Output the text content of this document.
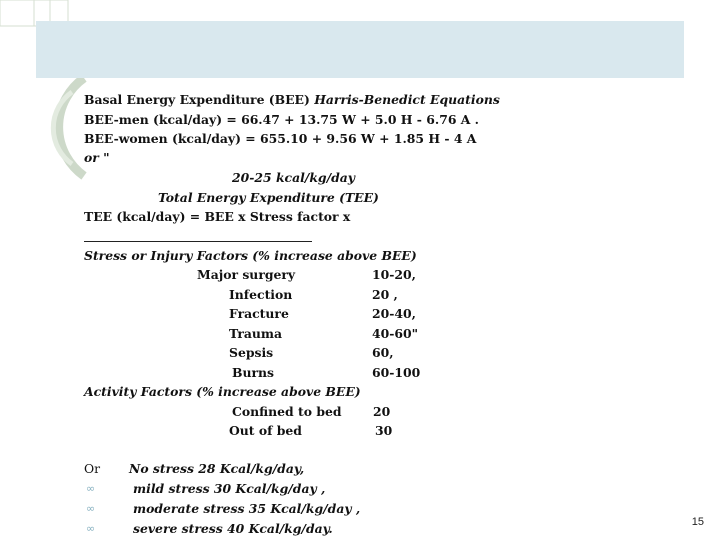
Basal Energy Expenditure (BEE) Harris-Benedict Equations
BEE-men (kcal/day) = 66.47 + 13.75 W + 5.0 H - 6.76 A .
BEE-women (kcal/day) = 655.10 + 9.56 W + 1.85 H - 4 A
or "
20-25 kcal/kg/day
Total Energy Expenditure (TEE)
TEE (kcal/day) = BEE x Stress factor x
Stress or Injury Factors (% increase above BEE)
Major surgery	10-20,
Infection	20 ,
Fracture	20-40,
Trauma	40-60"
Sepsis	60,
Burns	60-100
Activity Factors (% increase above BEE)
Confined to bed	20
Out of bed	30
Or No stress 28 Kcal/kg/day,
∞	mild stress 30 Kcal/kg/day ,
∞	moderate stress 35 Kcal/kg/day ,
∞	severe stress 40 Kcal/kg/day.	15
